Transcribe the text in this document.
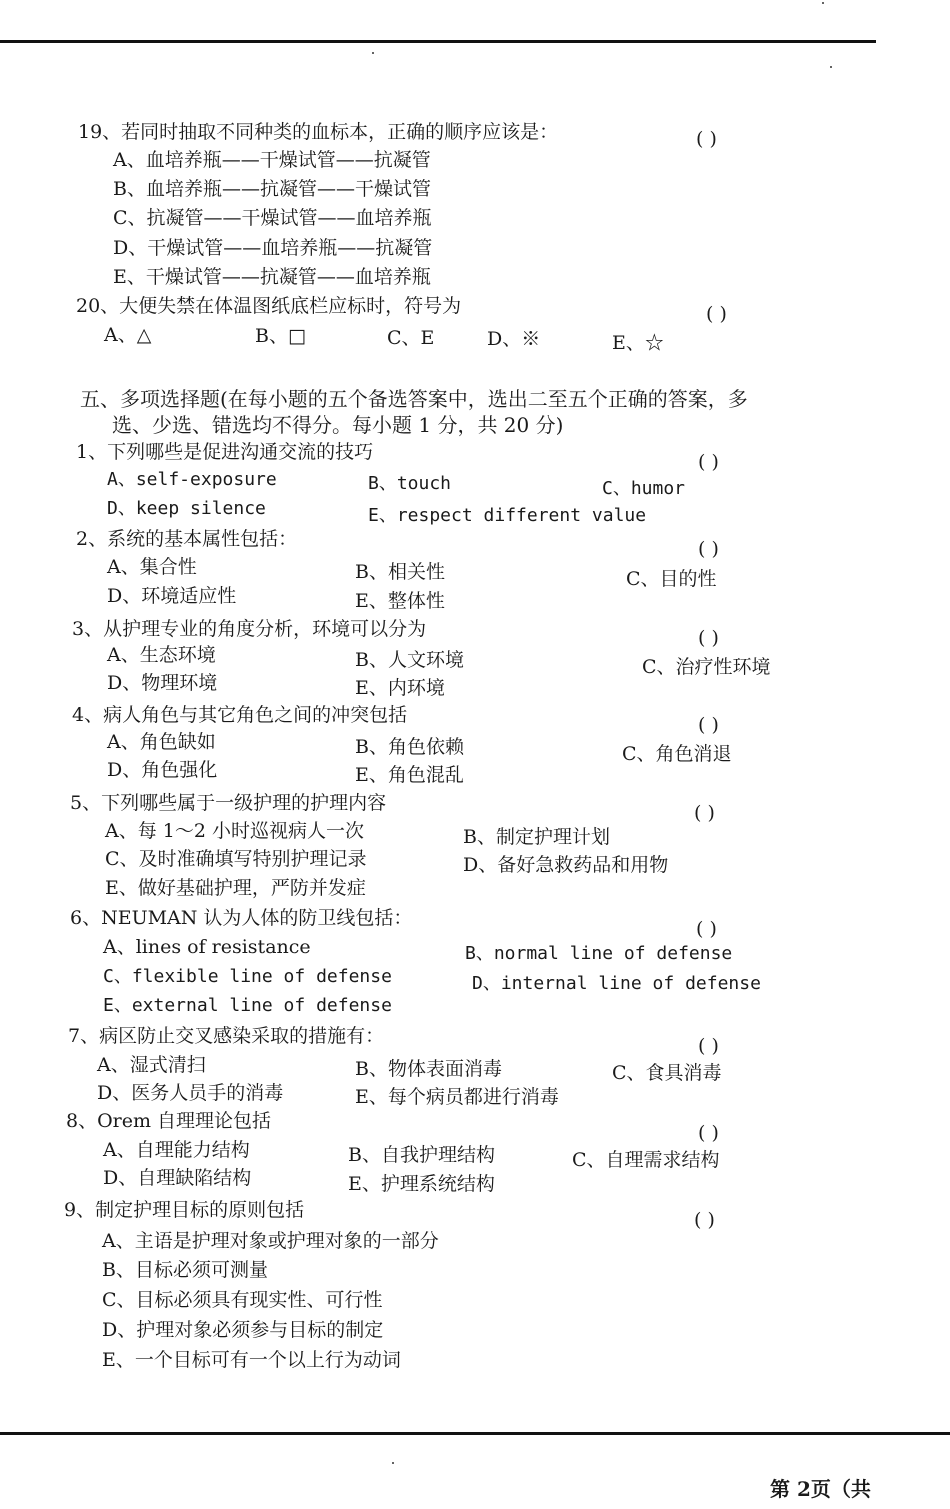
19、若同时抽取不同种类的血标本，正确的顺序应该是：	( )
A、血培养瓶——干燥试管——抗凝管
B、血培养瓶——抗凝管——干燥试管
C、抗凝管——干燥试管——血培养瓶
D、干燥试管——血培养瓶——抗凝管
E、干燥试管——抗凝管——血培养瓶
20、大便失禁在体温图纸底栏应标时，符号为	( )
A、△	B、□	C、E	D、※	E、☆
五、多项选择题(在每小题的五个备选答案中，选出二至五个正确的答案，多
选、少选、错选均不得分。每小题 1 分，共 20 分)
1、下列哪些是促进沟通交流的技巧	( )
A、self-exposure	B、touch	C、humor
D、keep silence	E、respect different value
2、系统的基本属性包括：	( )
A、集合性	B、相关性	C、目的性
D、环境适应性	E、整体性
3、从护理专业的角度分析，环境可以分为	( )
A、生态环境	B、人文环境	C、治疗性环境
D、物理环境	E、内环境
4、病人角色与其它角色之间的冲突包括	( )
A、角色缺如	B、角色依赖	C、角色消退
D、角色强化	E、角色混乱
5、下列哪些属于一级护理的护理内容	( )
A、每 1～2 小时巡视病人一次	B、制定护理计划
C、及时准确填写特别护理记录	D、备好急救药品和用物
E、做好基础护理，严防并发症
6、NEUMAN 认为人体的防卫线包括：	( )
A、lines of resistance	B、normal line of defense
C、flexible line of defense	D、internal line of defense
E、external line of defense
7、病区防止交叉感染采取的措施有：	( )
A、湿式清扫	B、物体表面消毒	C、食具消毒
D、医务人员手的消毒	E、每个病员都进行消毒
8、Orem 自理理论包括
( )
A、自理能力结构	B、自我护理结构	C、自理需求结构
D、自理缺陷结构	E、护理系统结构
9、制定护理目标的原则包括	( )
A、主语是护理对象或护理对象的一部分
B、目标必须可测量
C、目标必须具有现实性、可行性
D、护理对象必须参与目标的制定
E、一个目标可有一个以上行为动词
第 2页（共
